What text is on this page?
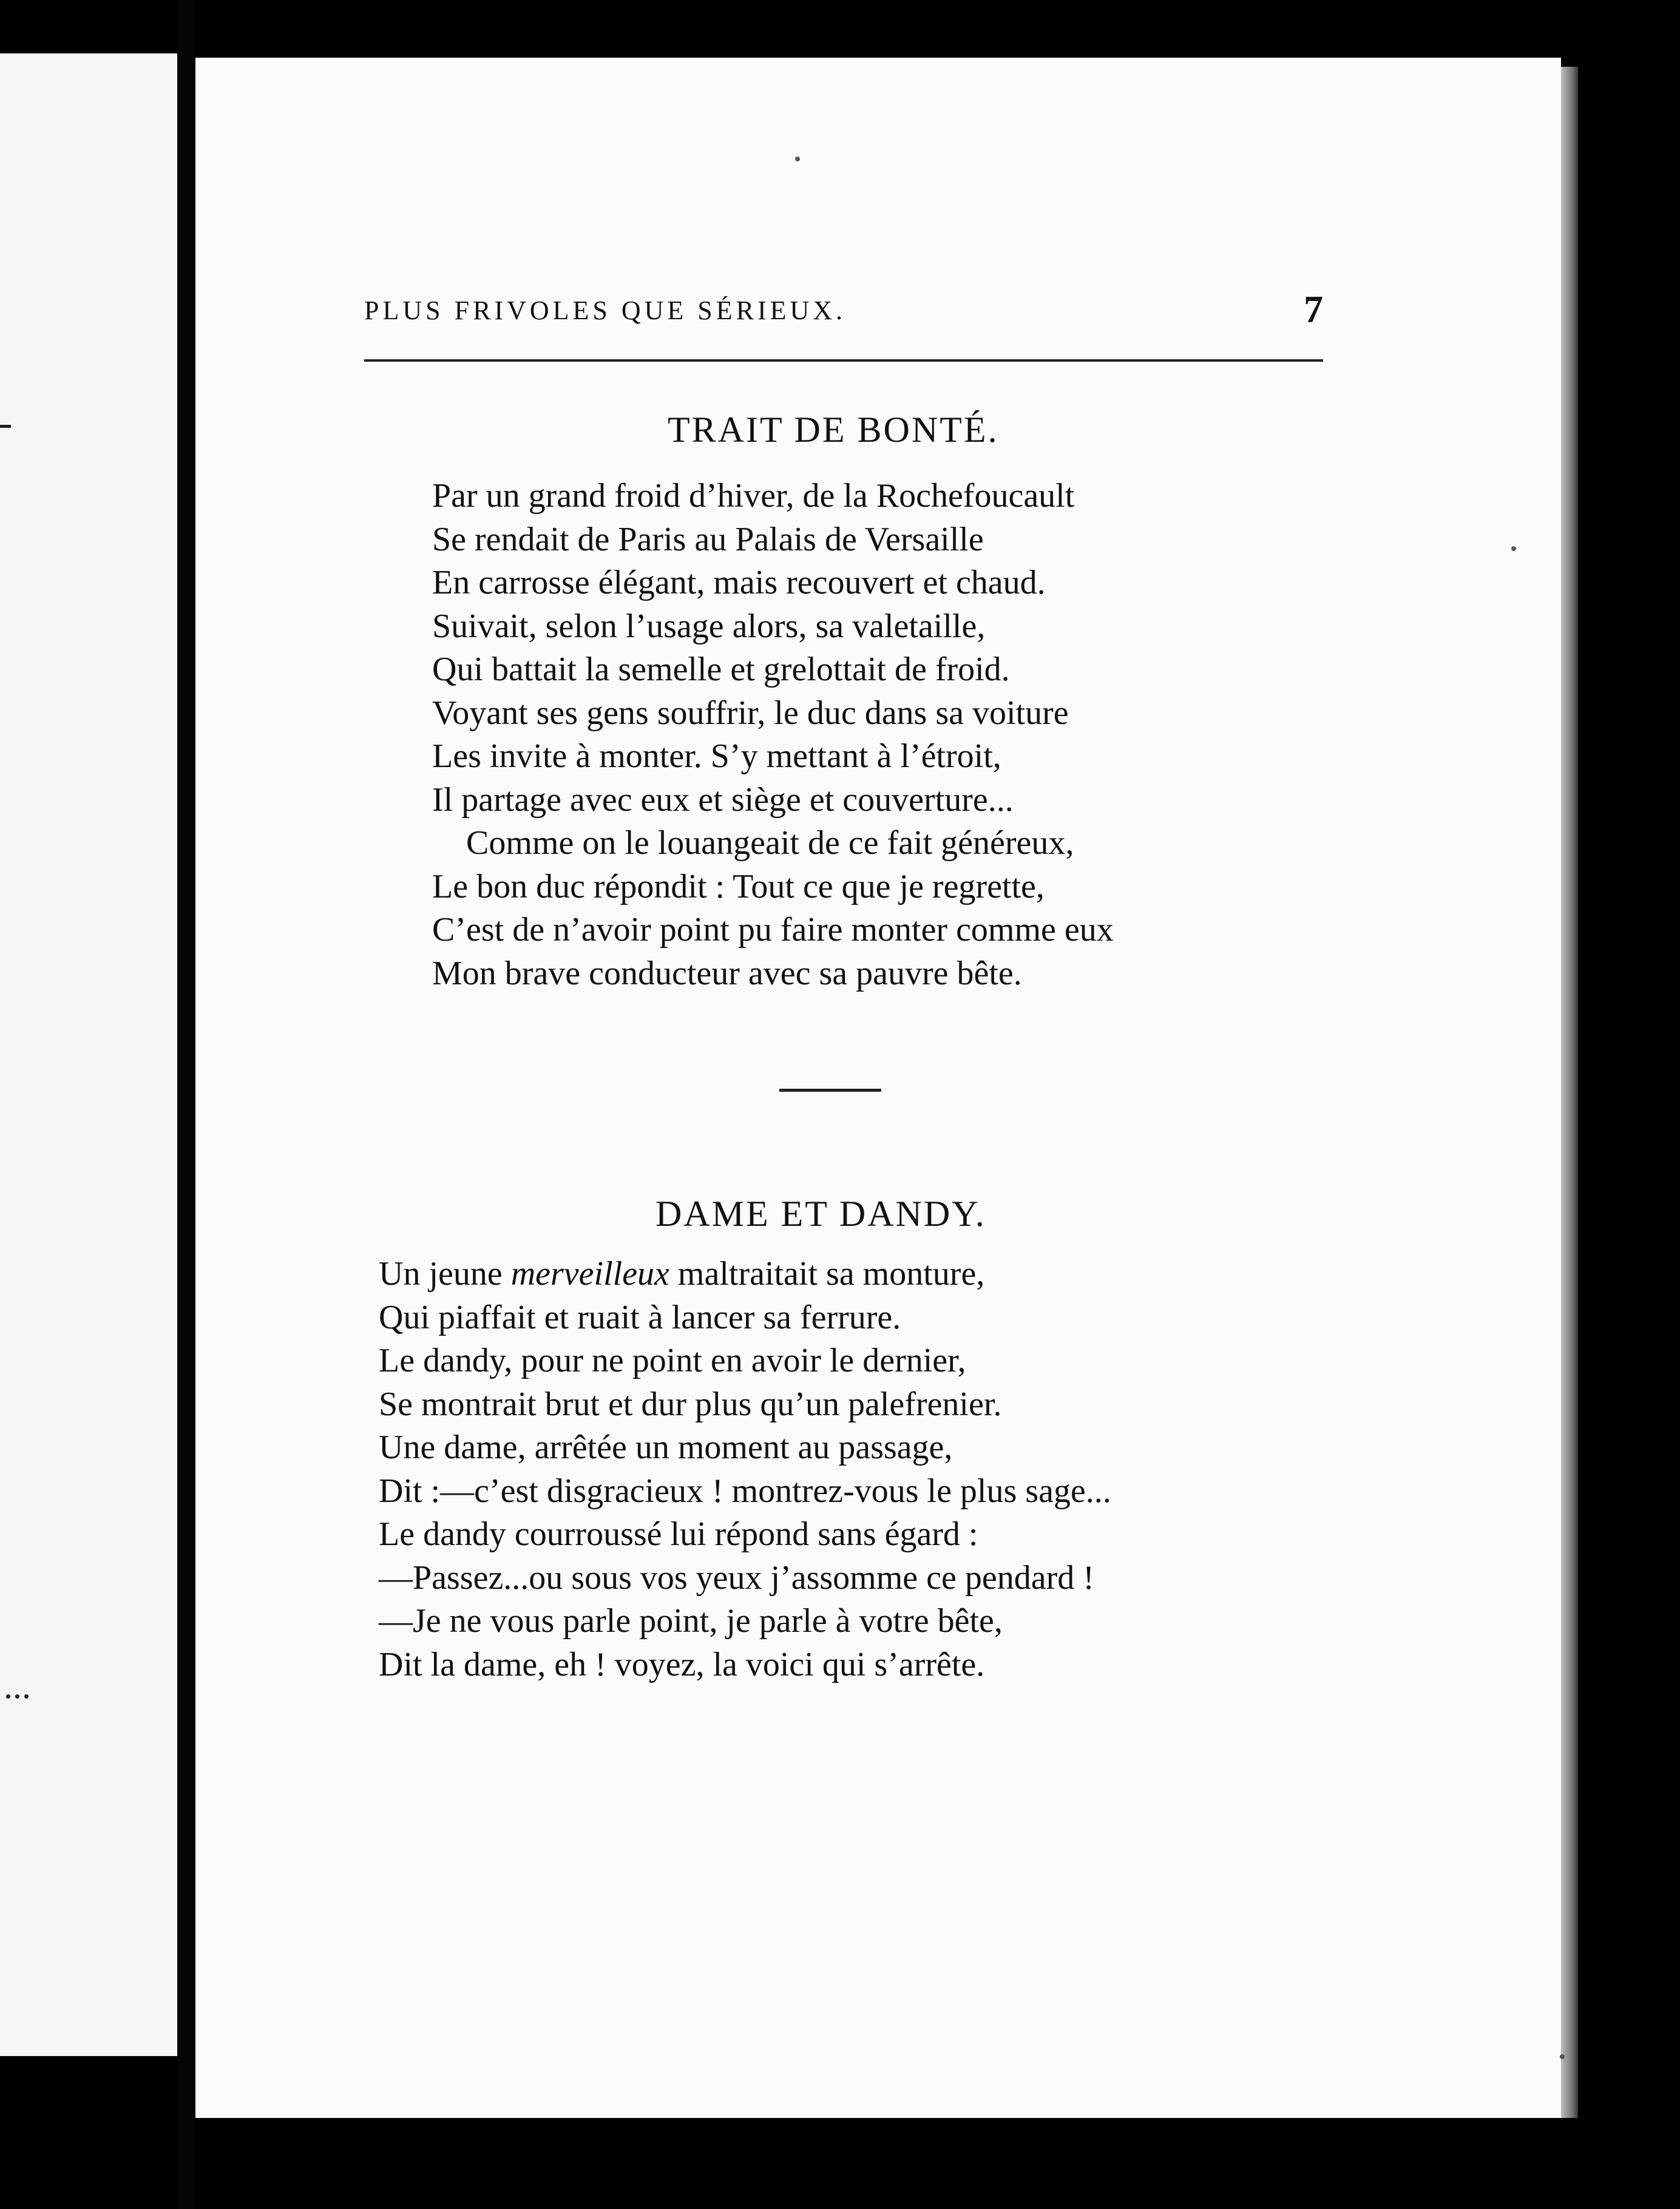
...
PLUS FRIVOLES QUE SÉRIEUX.	7
TRAIT DE BONTÉ.
Par un grand froid d’hiver, de la Rochefoucault
Se rendait de Paris au Palais de Versaille
En carrosse élégant, mais recouvert et chaud.
Suivait, selon l’usage alors, sa valetaille,
Qui battait la semelle et grelottait de froid.
Voyant ses gens souffrir, le duc dans sa voiture
Les invite à monter. S’y mettant à l’étroit,
Il partage avec eux et siège et couverture...
Comme on le louangeait de ce fait généreux,
Le bon duc répondit : Tout ce que je regrette,
C’est de n’avoir point pu faire monter comme eux
Mon brave conducteur avec sa pauvre bête.
DAME ET DANDY.
Un jeune merveilleux maltraitait sa monture,
Qui piaffait et ruait à lancer sa ferrure.
Le dandy, pour ne point en avoir le dernier,
Se montrait brut et dur plus qu’un palefrenier.
Une dame, arrêtée un moment au passage,
Dit :—c’est disgracieux ! montrez-vous le plus sage...
Le dandy courroussé lui répond sans égard :
—Passez...ou sous vos yeux j’assomme ce pendard !
—Je ne vous parle point, je parle à votre bête,
Dit la dame, eh ! voyez, la voici qui s’arrête.
